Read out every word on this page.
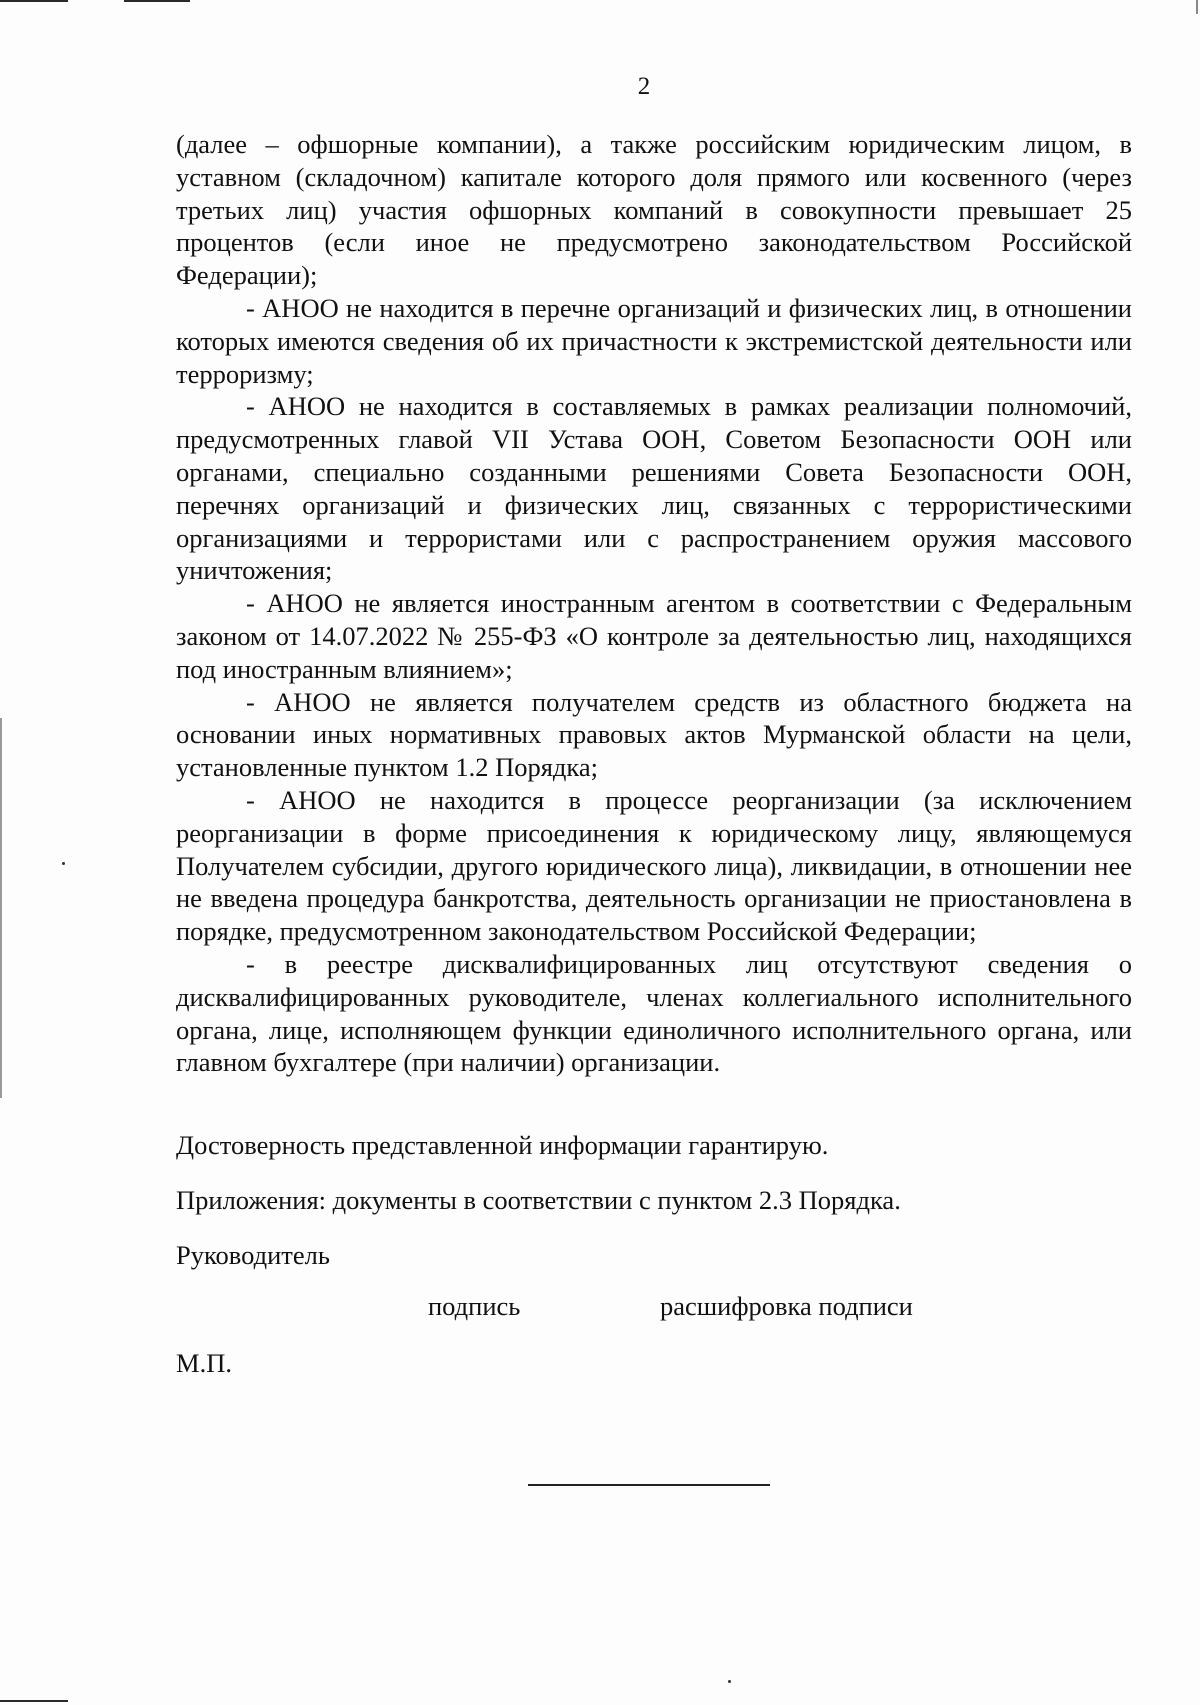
2

(далее – офшорные компании), а также российским юридическим лицом, в уставном (складочном) капитале которого доля прямого или косвенного (через третьих лиц) участия офшорных компаний в совокупности превышает 25 процентов (если иное не предусмотрено законодательством Российской Федерации);

- АНОО не находится в перечне организаций и физических лиц, в отношении которых имеются сведения об их причастности к экстремистской деятельности или терроризму;

- АНОО не находится в составляемых в рамках реализации полномочий, предусмотренных главой VII Устава ООН, Советом Безопасности ООН или органами, специально созданными решениями Совета Безопасности ООН, перечнях организаций и физических лиц, связанных с террористическими организациями и террористами или с распространением оружия массового уничтожения;

- АНОО не является иностранным агентом в соответствии с Федеральным законом от 14.07.2022 № 255-ФЗ «О контроле за деятельностью лиц, находящихся под иностранным влиянием»;

- АНОО не является получателем средств из областного бюджета на основании иных нормативных правовых актов Мурманской области на цели, установленные пунктом 1.2 Порядка;

- АНОО не находится в процессе реорганизации (за исключением реорганизации в форме присоединения к юридическому лицу, являющемуся Получателем субсидии, другого юридического лица), ликвидации, в отношении нее не введена процедура банкротства, деятельность организации не приостановлена в порядке, предусмотренном законодательством Российской Федерации;

- в реестре дисквалифицированных лиц отсутствуют сведения о дисквалифицированных руководителе, членах коллегиального исполнительного органа, лице, исполняющем функции единоличного исполнительного органа, или главном бухгалтере (при наличии) организации.

Достоверность представленной информации гарантирую.
Приложения: документы в соответствии с пунктом 2.3 Порядка.
Руководитель
подпись	расшифровка подписи
М.П.
